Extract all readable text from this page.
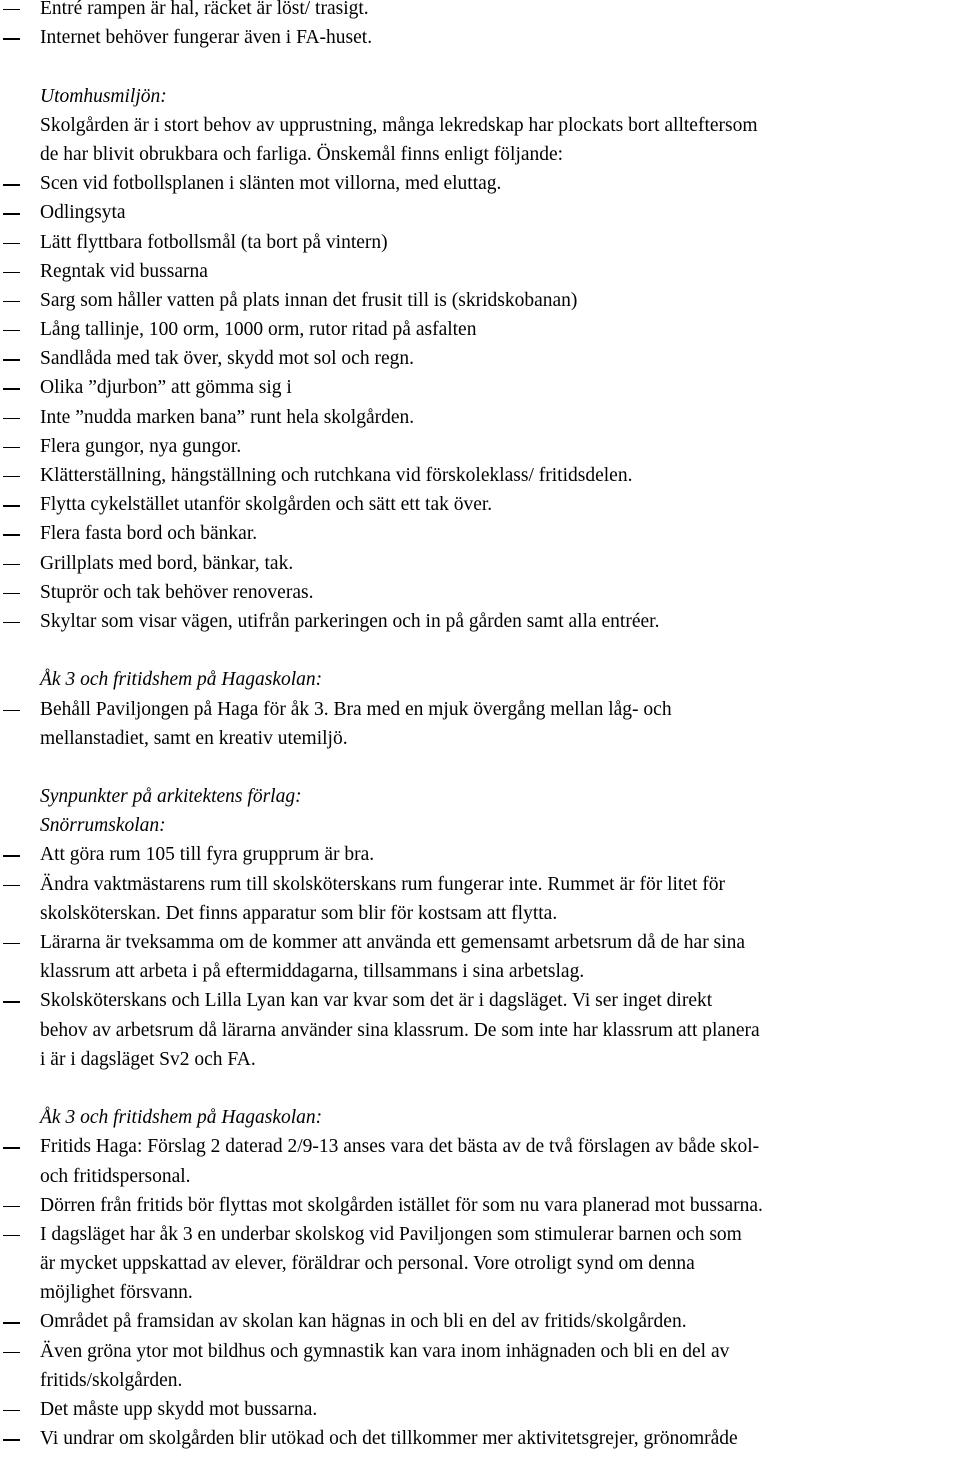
Entré rampen är hal, räcket är löst/ trasigt.
Internet behöver fungerar även i FA-huset.
Utomhusmiljön:
Skolgården är i stort behov av upprustning, många lekredskap har plockats bort allteftersom
de har blivit obrukbara och farliga. Önskemål finns enligt följande:
Scen vid fotbollsplanen i slänten mot villorna, med eluttag.
Odlingsyta
Lätt flyttbara fotbollsmål (ta bort på vintern)
Regntak vid bussarna
Sarg som håller vatten på plats innan det frusit till is (skridskobanan)
Lång tallinje, 100 orm, 1000 orm, rutor ritad på asfalten
Sandlåda med tak över, skydd mot sol och regn.
Olika ”djurbon” att gömma sig i
Inte ”nudda marken bana” runt hela skolgården.
Flera gungor, nya gungor.
Klätterställning, hängställning och rutchkana vid förskoleklass/ fritidsdelen.
Flytta cykelstället utanför skolgården och sätt ett tak över.
Flera fasta bord och bänkar.
Grillplats med bord, bänkar, tak.
Stuprör och tak behöver renoveras.
Skyltar som visar vägen, utifrån parkeringen och in på gården samt alla entréer.
Åk 3 och fritidshem på Hagaskolan:
Behåll Paviljongen på Haga för åk 3. Bra med en mjuk övergång mellan låg- och
mellanstadiet, samt en kreativ utemiljö.
Synpunkter på arkitektens förlag:
Snörrumskolan:
Att göra rum 105 till fyra grupprum är bra.
Ändra vaktmästarens rum till skolsköterskans rum fungerar inte. Rummet är för litet för
skolsköterskan. Det finns apparatur som blir för kostsam att flytta.
Lärarna är tveksamma om de kommer att använda ett gemensamt arbetsrum då de har sina
klassrum att arbeta i på eftermiddagarna, tillsammans i sina arbetslag.
Skolsköterskans och Lilla Lyan kan var kvar som det är i dagsläget. Vi ser inget direkt
behov av arbetsrum då lärarna använder sina klassrum. De som inte har klassrum att planera
i är i dagsläget Sv2 och FA.
Åk 3 och fritidshem på Hagaskolan:
Fritids Haga: Förslag 2 daterad 2/9-13 anses vara det bästa av de två förslagen av både skol-
och fritidspersonal.
Dörren från fritids bör flyttas mot skolgården istället för som nu vara planerad mot bussarna.
I dagsläget har åk 3 en underbar skolskog vid Paviljongen som stimulerar barnen och som
är mycket uppskattad av elever, föräldrar och personal. Vore otroligt synd om denna
möjlighet försvann.
Området på framsidan av skolan kan hägnas in och bli en del av fritids/skolgården.
Även gröna ytor mot bildhus och gymnastik kan vara inom inhägnaden och bli en del av
fritids/skolgården.
Det måste upp skydd mot bussarna.
Vi undrar om skolgården blir utökad och det tillkommer mer aktivitetsgrejer, grönområde
